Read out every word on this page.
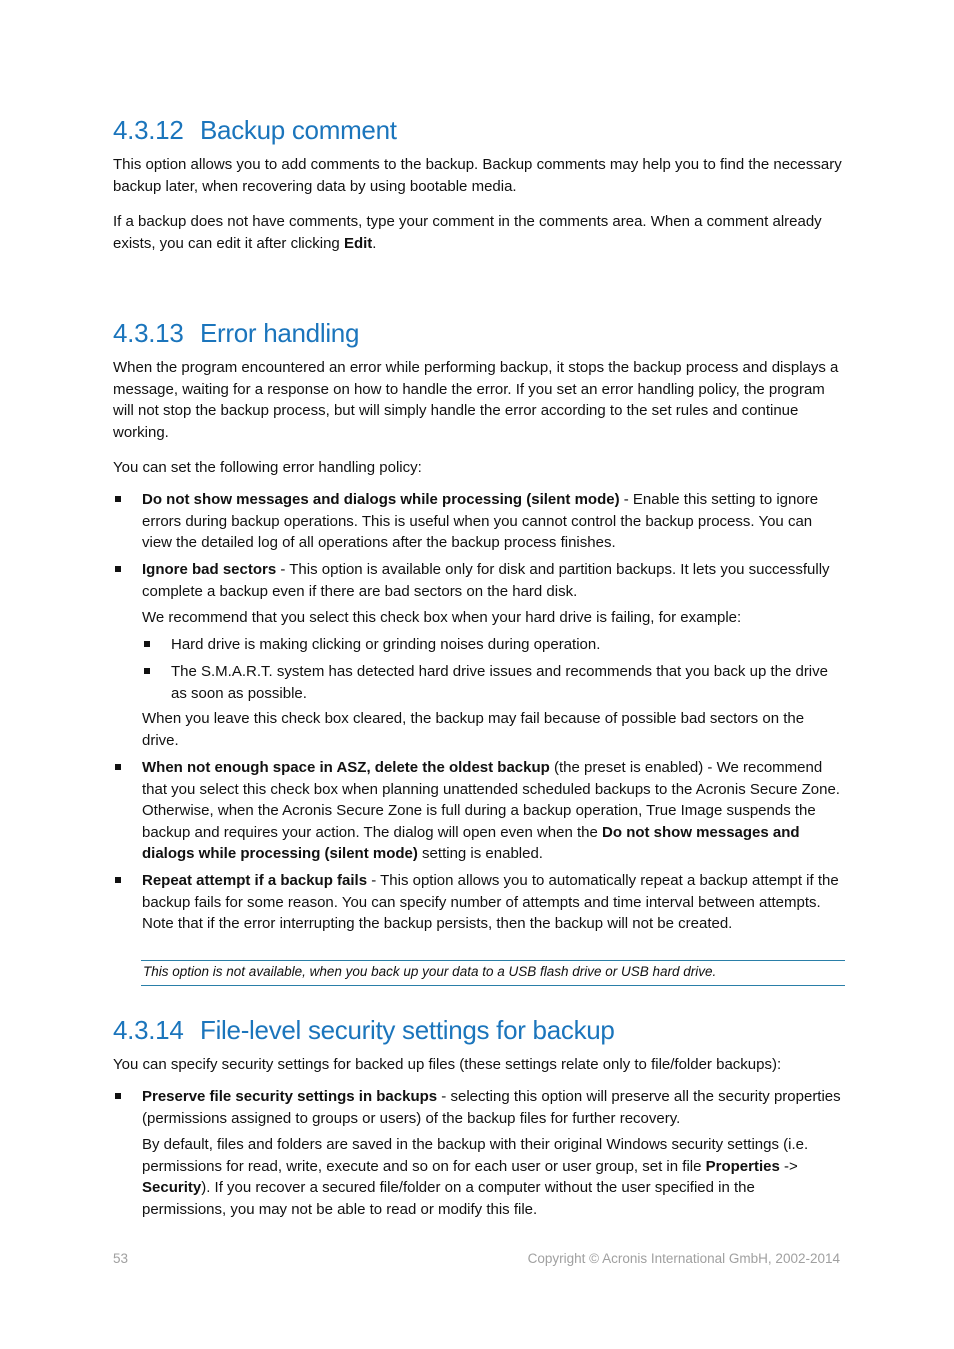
4.3.12 Backup comment
This option allows you to add comments to the backup. Backup comments may help you to find the necessary backup later, when recovering data by using bootable media.
If a backup does not have comments, type your comment in the comments area. When a comment already exists, you can edit it after clicking Edit.
4.3.13 Error handling
When the program encountered an error while performing backup, it stops the backup process and displays a message, waiting for a response on how to handle the error. If you set an error handling policy, the program will not stop the backup process, but will simply handle the error according to the set rules and continue working.
You can set the following error handling policy:
Do not show messages and dialogs while processing (silent mode) - Enable this setting to ignore errors during backup operations. This is useful when you cannot control the backup process. You can view the detailed log of all operations after the backup process finishes.
Ignore bad sectors - This option is available only for disk and partition backups. It lets you successfully complete a backup even if there are bad sectors on the hard disk.
We recommend that you select this check box when your hard drive is failing, for example:
Hard drive is making clicking or grinding noises during operation.
The S.M.A.R.T. system has detected hard drive issues and recommends that you back up the drive as soon as possible.
When you leave this check box cleared, the backup may fail because of possible bad sectors on the drive.
When not enough space in ASZ, delete the oldest backup (the preset is enabled) - We recommend that you select this check box when planning unattended scheduled backups to the Acronis Secure Zone. Otherwise, when the Acronis Secure Zone is full during a backup operation, True Image suspends the backup and requires your action. The dialog will open even when the Do not show messages and dialogs while processing (silent mode) setting is enabled.
Repeat attempt if a backup fails - This option allows you to automatically repeat a backup attempt if the backup fails for some reason. You can specify number of attempts and time interval between attempts. Note that if the error interrupting the backup persists, then the backup will not be created.
This option is not available, when you back up your data to a USB flash drive or USB hard drive.
4.3.14 File-level security settings for backup
You can specify security settings for backed up files (these settings relate only to file/folder backups):
Preserve file security settings in backups - selecting this option will preserve all the security properties (permissions assigned to groups or users) of the backup files for further recovery.
By default, files and folders are saved in the backup with their original Windows security settings (i.e. permissions for read, write, execute and so on for each user or user group, set in file Properties -> Security). If you recover a secured file/folder on a computer without the user specified in the permissions, you may not be able to read or modify this file.
53	Copyright © Acronis International GmbH, 2002-2014
